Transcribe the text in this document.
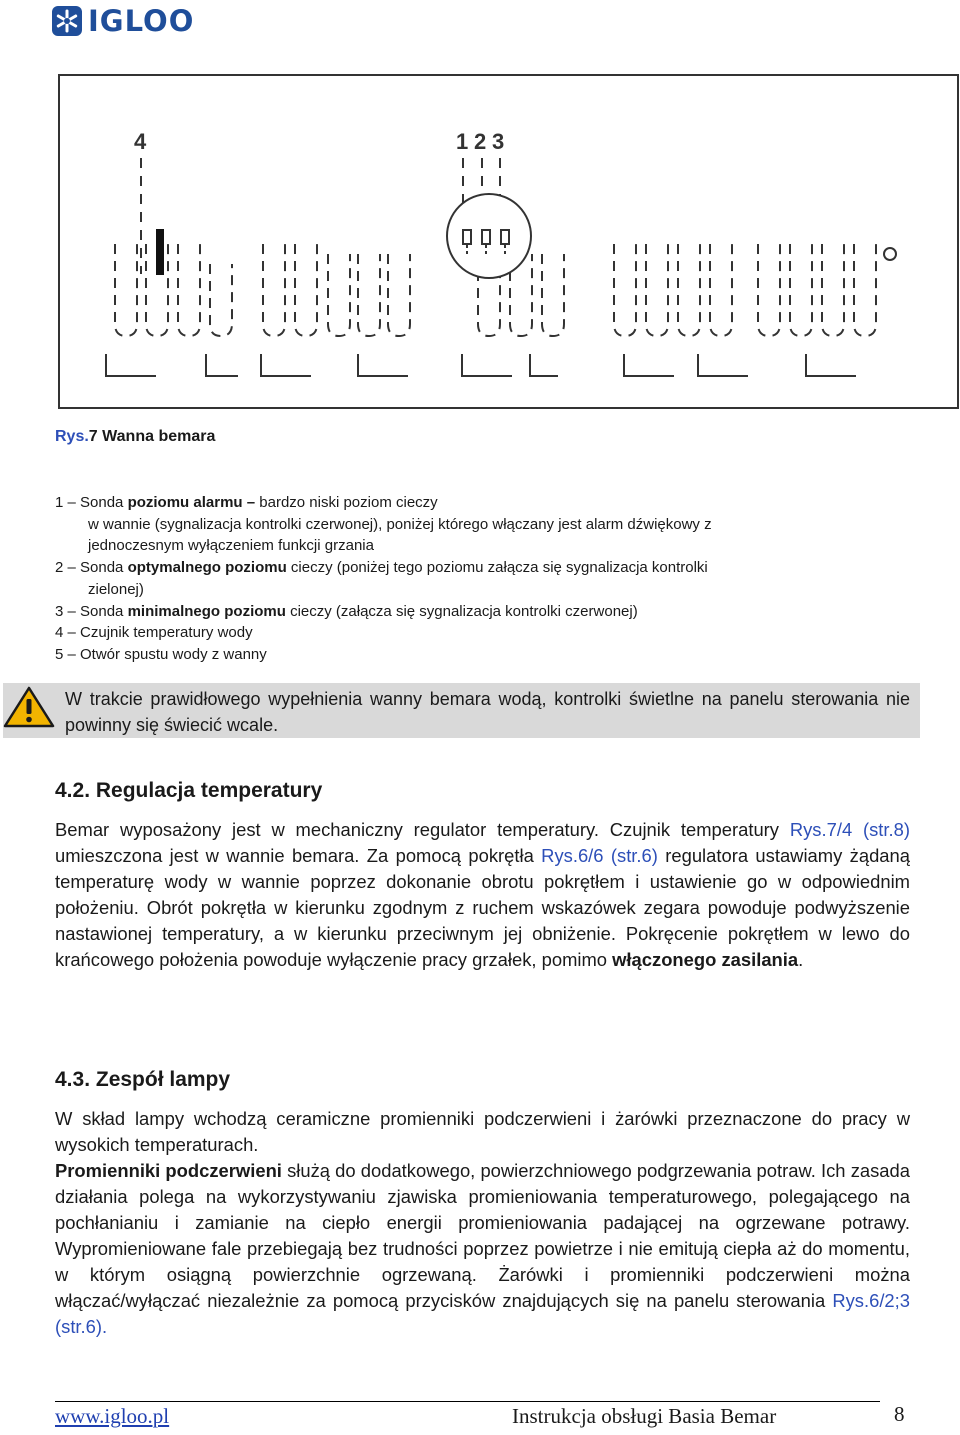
IGLOO
4	1 2 3
Rys.7 Wanna bemara

1 – Sonda poziomu alarmu – bardzo niski poziom cieczy

w wannie (sygnalizacja kontrolki czerwonej), poniżej którego włączany jest alarm dźwiękowy z

jednoczesnym wyłączeniem funkcji grzania

2 – Sonda optymalnego poziomu cieczy (poniżej tego poziomu załącza się sygnalizacja kontrolki

zielonej)

3 – Sonda minimalnego poziomu cieczy (załącza się sygnalizacja kontrolki czerwonej)

4 – Czujnik temperatury wody

5 – Otwór spustu wody z wanny

W trakcie prawidłowego wypełnienia wanny bemara wodą, kontrolki świetlne na panelu sterowania nie powinny się świecić wcale.
4.2. Regulacja temperatury

Bemar wyposażony jest w mechaniczny regulator temperatury. Czujnik temperatury Rys.7/4 (str.8) umieszczona jest w wannie bemara. Za pomocą pokrętła Rys.6/6 (str.6) regulatora ustawiamy żądaną temperaturę wody w wannie poprzez dokonanie obrotu pokrętłem i ustawienie go w odpowiednim położeniu. Obrót pokrętła w kierunku zgodnym z ruchem wskazówek zegara powoduje podwyższenie nastawionej temperatury, a w kierunku przeciwnym jej obniżenie. Pokręcenie pokrętłem w lewo do krańcowego położenia powoduje wyłączenie pracy grzałek, pomimo włączonego zasilania.

4.3. Zespół lampy

W skład lampy wchodzą ceramiczne promienniki podczerwieni i żarówki przeznaczone do pracy w wysokich temperaturach.

Promienniki podczerwieni służą do dodatkowego, powierzchniowego podgrzewania potraw. Ich zasada działania polega na wykorzystywaniu zjawiska promieniowania temperaturowego, polegającego na pochłanianiu i zamianie na ciepło energii promieniowania padającej na ogrzewane potrawy. Wypromieniowane fale przebiegają bez trudności poprzez powietrze i nie emitują ciepła aż do momentu, w którym osiągną powierzchnie ogrzewaną. Żarówki i promienniki podczerwieni można włączać/wyłączać niezależnie za pomocą przycisków znajdujących się na panelu sterowania Rys.6/2;3 (str.6).

www.igloo.pl	Instrukcja obsługi Basia Bemar	8
